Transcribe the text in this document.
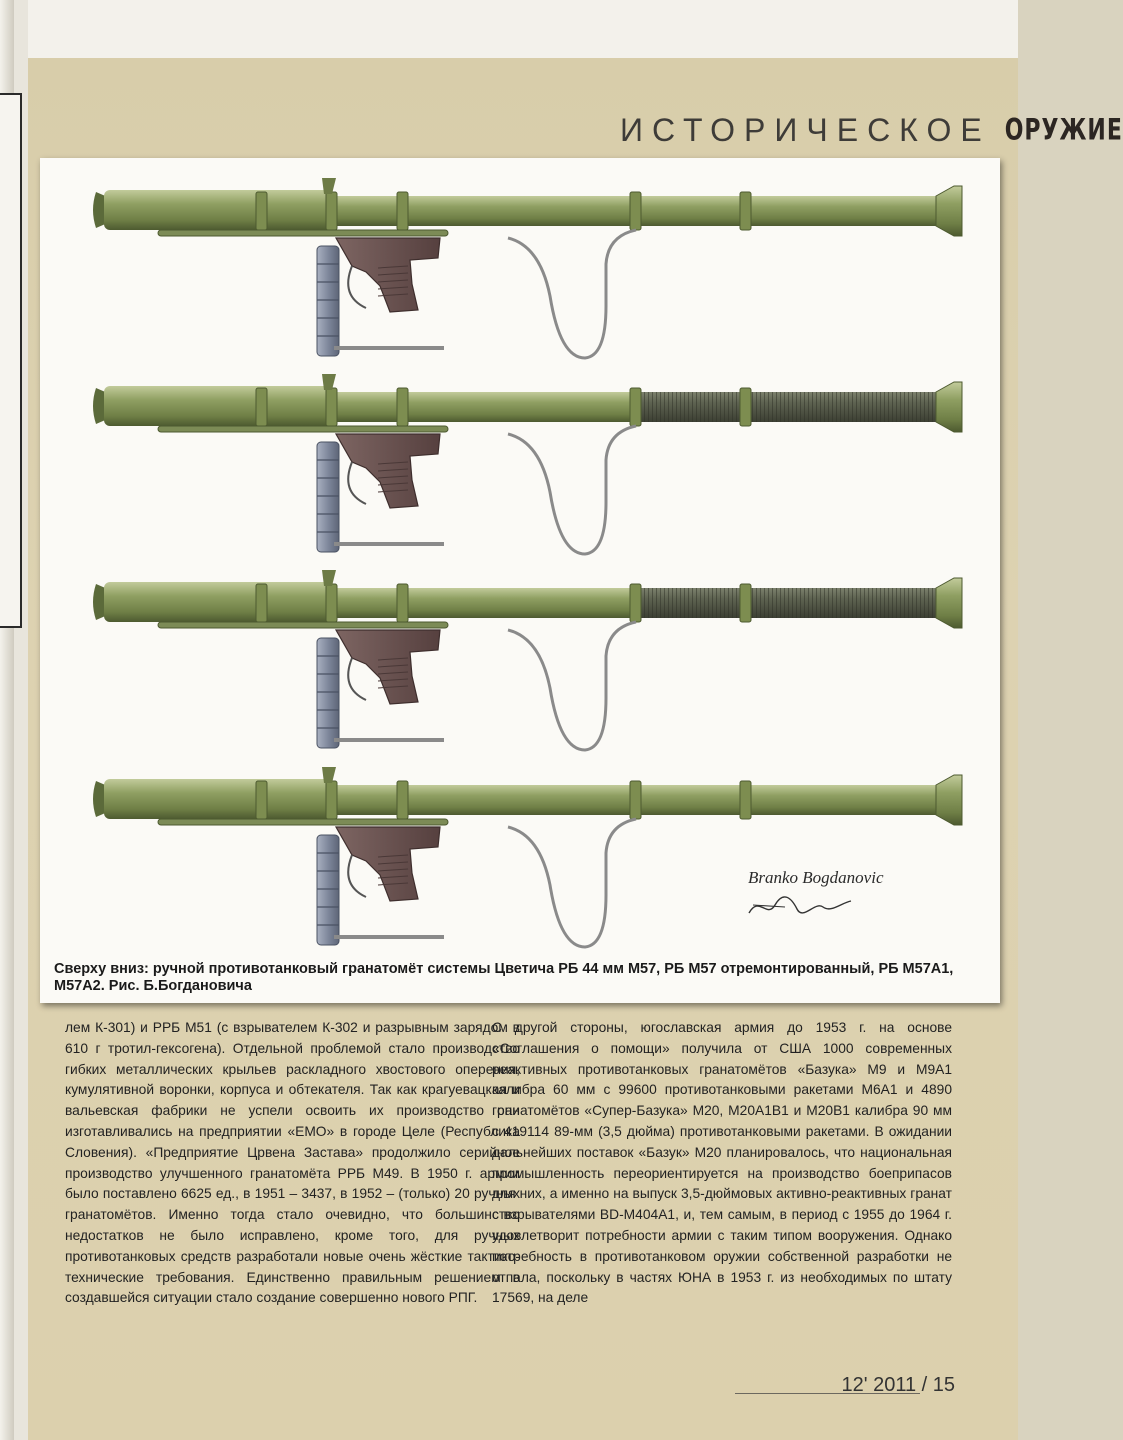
ИСТОРИЧЕСКОЕ ОРУЖИЕ
Branko Bogdanovic
Сверху вниз: ручной противотанковый гранатомёт системы Цветича РБ 44 мм М57, РБ М57 отремонтированный, РБ М57А1, М57А2. Рис. Б.Богдановича
лем К-301) и РРБ М51 (с взрывателем К-302 и разрывным зарядом в 610 г тротил-гексогена). Отдельной проблемой стало производство гибких металлических крыльев раскладного хвостового оперения, кумулятивной воронки, корпуса и обтекателя. Так как крагуевацкая и вальевская фабрики не успели освоить их производство они изготавливались на предприятии «ЕМО» в городе Целе (Республика Словения). «Предприятие Црвена Застава» продолжило серийное производство улучшенного гранатомёта РРБ М49. В 1950 г. армии было поставлено 6625 ед., в 1951 – 3437, в 1952 – (только) 20 ручных гранатомётов. Именно тогда стало очевидно, что большинство недостатков не было исправлено, кроме того, для ручных противотанковых средств разработали новые очень жёсткие тактико-технические требования. Единственно правильным решением в создавшейся ситуации стало создание совершенно нового РПГ.
С другой стороны, югославская армия до 1953 г. на основе «Соглашения о помощи» получила от США 1000 современных реактивных противотанковых гранатомётов «Базука» М9 и М9А1 калибра 60 мм с 99600 противотанковыми ракетами М6А1 и 4890 гранатомётов «Супер-Базука» М20, М20А1В1 и М20В1 калибра 90 мм с 419114 89-мм (3,5 дюйма) противотанковыми ракетами. В ожидании дальнейших поставок «Базук» М20 планировалось, что национальная промышленность переориентируется на производство боеприпасов для них, а именно на выпуск 3,5-дюймовых активно-реактивных гранат с взрывателями ВD-М404А1, и, тем самым, в период с 1955 до 1964 г. удовлетворит потребности армии с таким типом вооружения. Однако потребность в противотанковом оружии собственной разработки не отпала, поскольку в частях ЮНА в 1953 г. из необходимых по штату 17569, на деле
12' 2011 / 15
